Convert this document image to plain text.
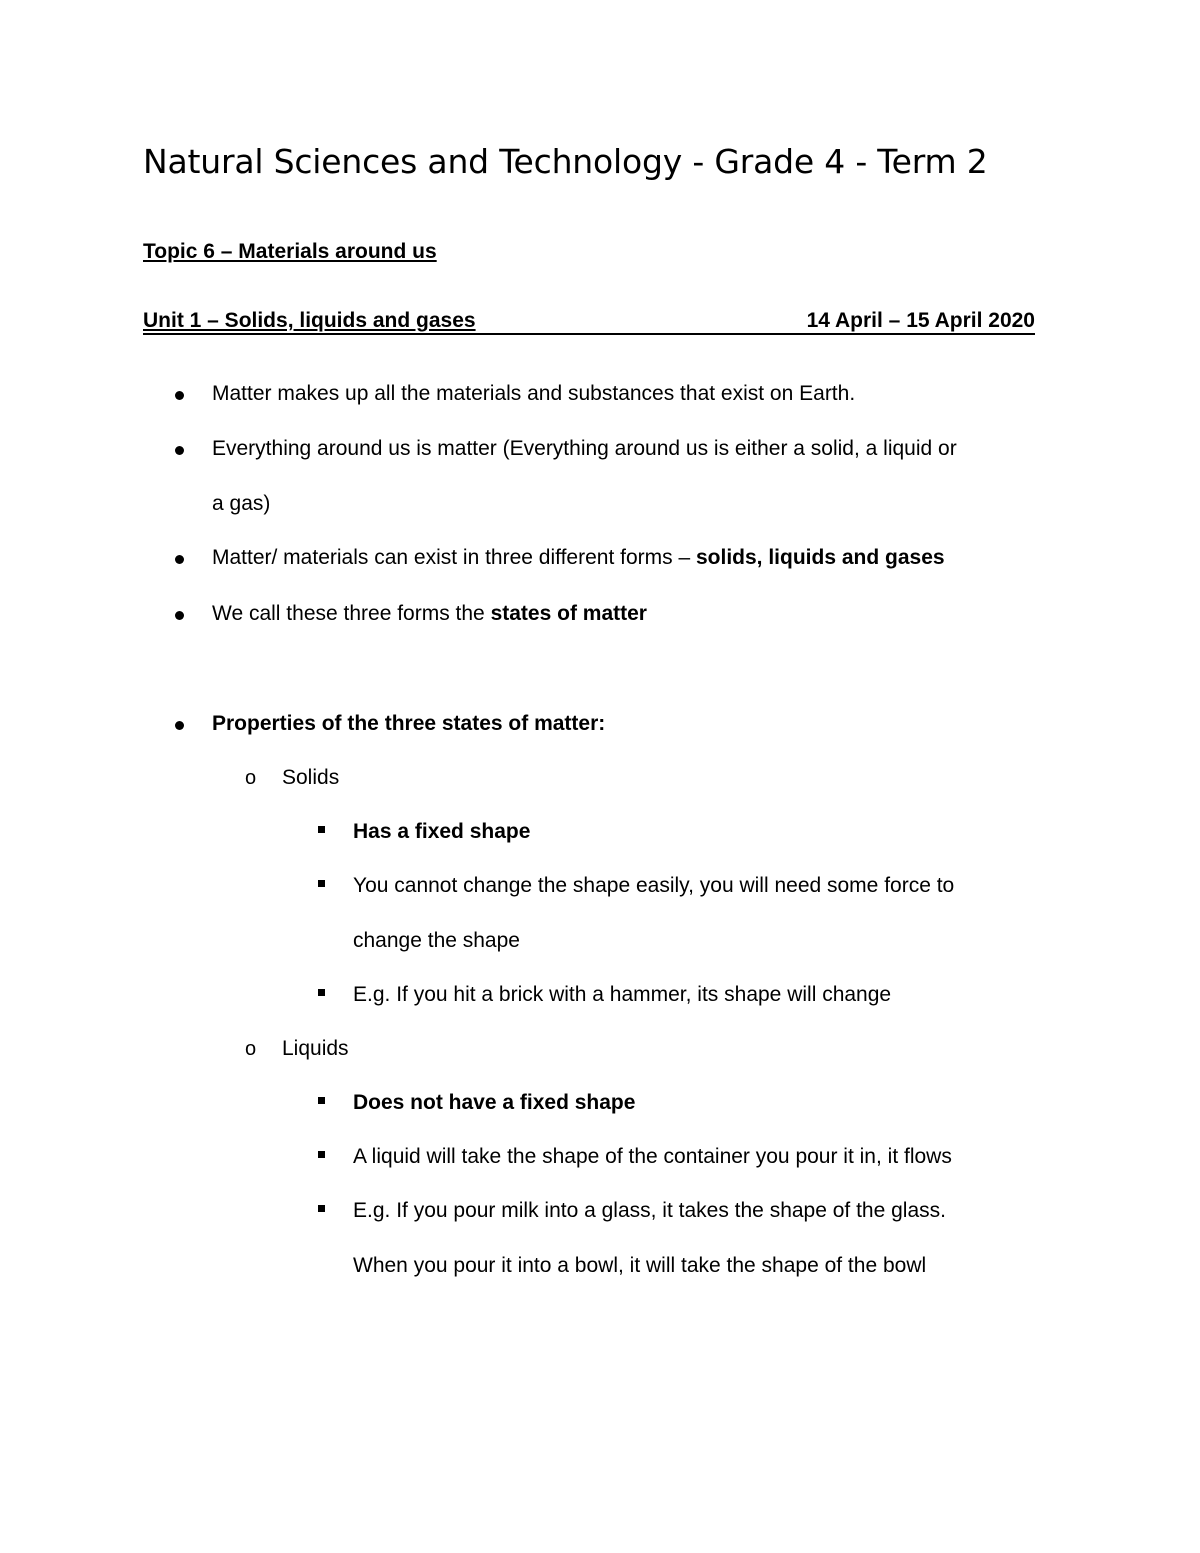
Natural Sciences and Technology - Grade 4 - Term 2
Topic 6 – Materials around us
Unit 1 – Solids, liquids and gases	14 April – 15 April 2020
Matter makes up all the materials and substances that exist on Earth.
Everything around us is matter (Everything around us is either a solid, a liquid or
a gas)
Matter/ materials can exist in three different forms – solids, liquids and gases
We call these three forms the states of matter
Properties of the three states of matter:
o Solids
Has a fixed shape
You cannot change the shape easily, you will need some force to
change the shape
E.g. If you hit a brick with a hammer, its shape will change
o Liquids
Does not have a fixed shape
A liquid will take the shape of the container you pour it in, it flows
E.g. If you pour milk into a glass, it takes the shape of the glass.
When you pour it into a bowl, it will take the shape of the bowl
